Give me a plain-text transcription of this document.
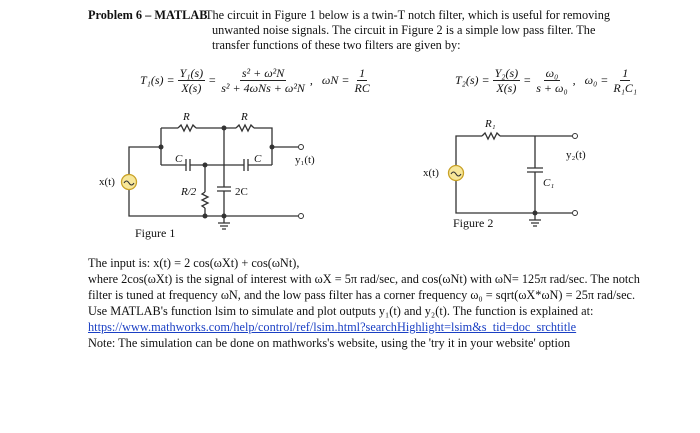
Problem 6 – MATLAB
The circuit in Figure 1 below is a twin-T notch filter, which is useful for removing
unwanted noise signals. The circuit in Figure 2 is a simple low pass filter. The
transfer functions of these two filters are given by:
$T_1(s) = \frac{\text{Y₁(s)}}{X(s)} = \frac{\text{s² + ω²N}}{\text{s² + 4ωNs + ω²N}}$ , $\omega N = \frac{1}{RC}$	$T_2(s) = \frac{\text{Y₂(s)}}{X(s)} = \frac{\text{ω₀}}{\text{s + ω₀}}$ , $\omega_0 = \frac{1}{\text{R₁C₁}}$
R	R
C	C
R/2	2C
x(t)
y₁(t)
Figure 1
R₁
C₁
x(t)
y₂(t)
Figure 2
The input is: x(t) = 2 cos(ωXt) + cos(ωNt),
where 2cos(ωXt) is the signal of interest with ωX = 5π rad/sec, and cos(ωNt) with ωN= 125π rad/sec. The notch
filter is tuned at frequency ωN, and the low pass filter has a corner frequency ω₀ = sqrt(ωX*ωN) = 25π rad/sec.
Use MATLAB's function lsim to simulate and plot outputs y₁(t) and y₂(t). The function is explained at:
https://www.mathworks.com/help/control/ref/lsim.html?searchHighlight=lsim&s_tid=doc_srchtitle
Note: The simulation can be done on mathworks's website, using the 'try it in your website' option
